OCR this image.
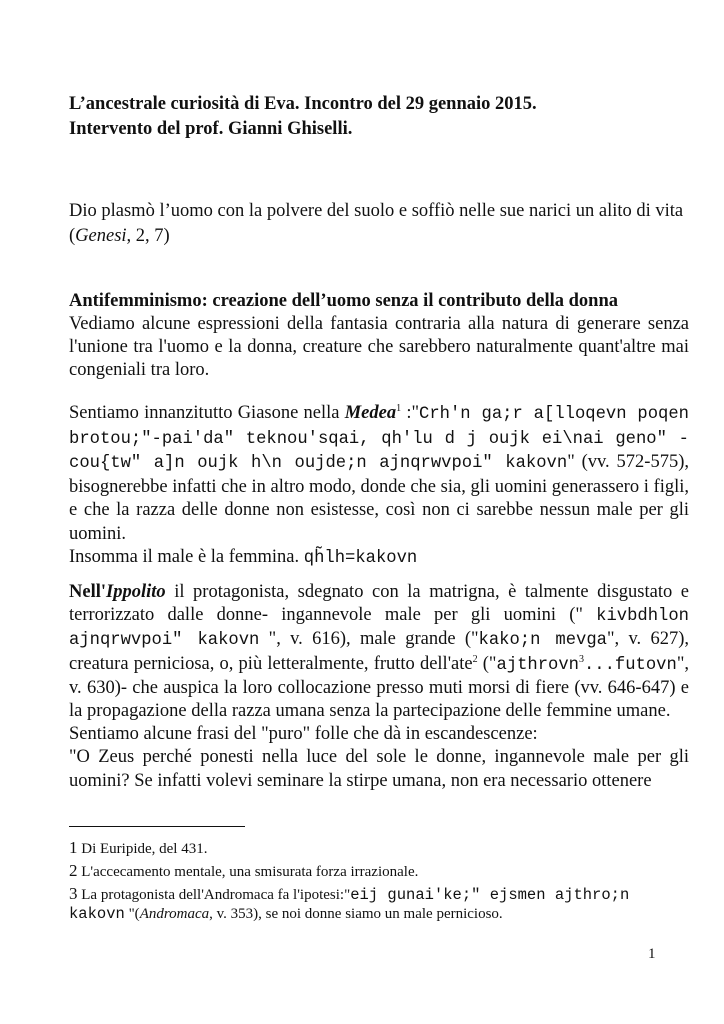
L’ancestrale curiosità di Eva. Incontro del 29 gennaio 2015.
Intervento del prof. Gianni Ghiselli.
Dio plasmò l’uomo con la polvere del suolo e soffiò nelle sue narici un alito di vita (Genesi, 2, 7)
Antifemminismo: creazione dell’uomo senza il contributo della donna
Vediamo alcune espressioni della fantasia contraria alla natura di generare senza l'unione tra l'uomo e la donna, creature che sarebbero naturalmente quant'altre mai congeniali tra loro.
Sentiamo innanzitutto Giasone nella Medea$^1$ :"Crh'n ga;r a[lloqevn poqen brotou;"-pai'da" teknou'sqai, qh'lu d j oujk ei\nai geno" - cou{tw" a]n oujk h\n oujde;n ajnqrwvpoi" kakovn" (vv. 572-575), bisognerebbe infatti che in altro modo, donde che sia, gli uomini generassero i figli, e che la razza delle donne non esistesse, così non ci sarebbe nessun male per gli uomini.
Insomma il male è la femmina. qh̃lh=kakovn
Nell'Ippolito il protagonista, sdegnato con la matrigna, è talmente disgustato e terrorizzato dalle donne- ingannevole male per gli uomini (" kivbdhlon ajnqrwvpoi" kakovn ", v. 616), male grande ("kako;n mevga", v. 627), creatura perniciosa, o, più letteralmente, frutto dell'ate$^2$ ("ajthrovn$^3$...futovn", v. 630)- che auspica la loro collocazione presso muti morsi di fiere (vv. 646-647) e la propagazione della razza umana senza la partecipazione delle femmine umane.
Sentiamo alcune frasi del "puro" folle che dà in escandescenze:
"O Zeus perché ponesti nella luce del sole le donne, ingannevole male per gli uomini? Se infatti volevi seminare la stirpe umana, non era necessario ottenere
1 Di Euripide, del 431.
2 L'accecamento mentale, una smisurata forza irrazionale.
3 La protagonista dell'Andromaca fa l'ipotesi:"eij gunai'ke;" ejsmen ajthro;n kakovn "(Andromaca, v. 353), se noi donne siamo un male pernicioso.
1
